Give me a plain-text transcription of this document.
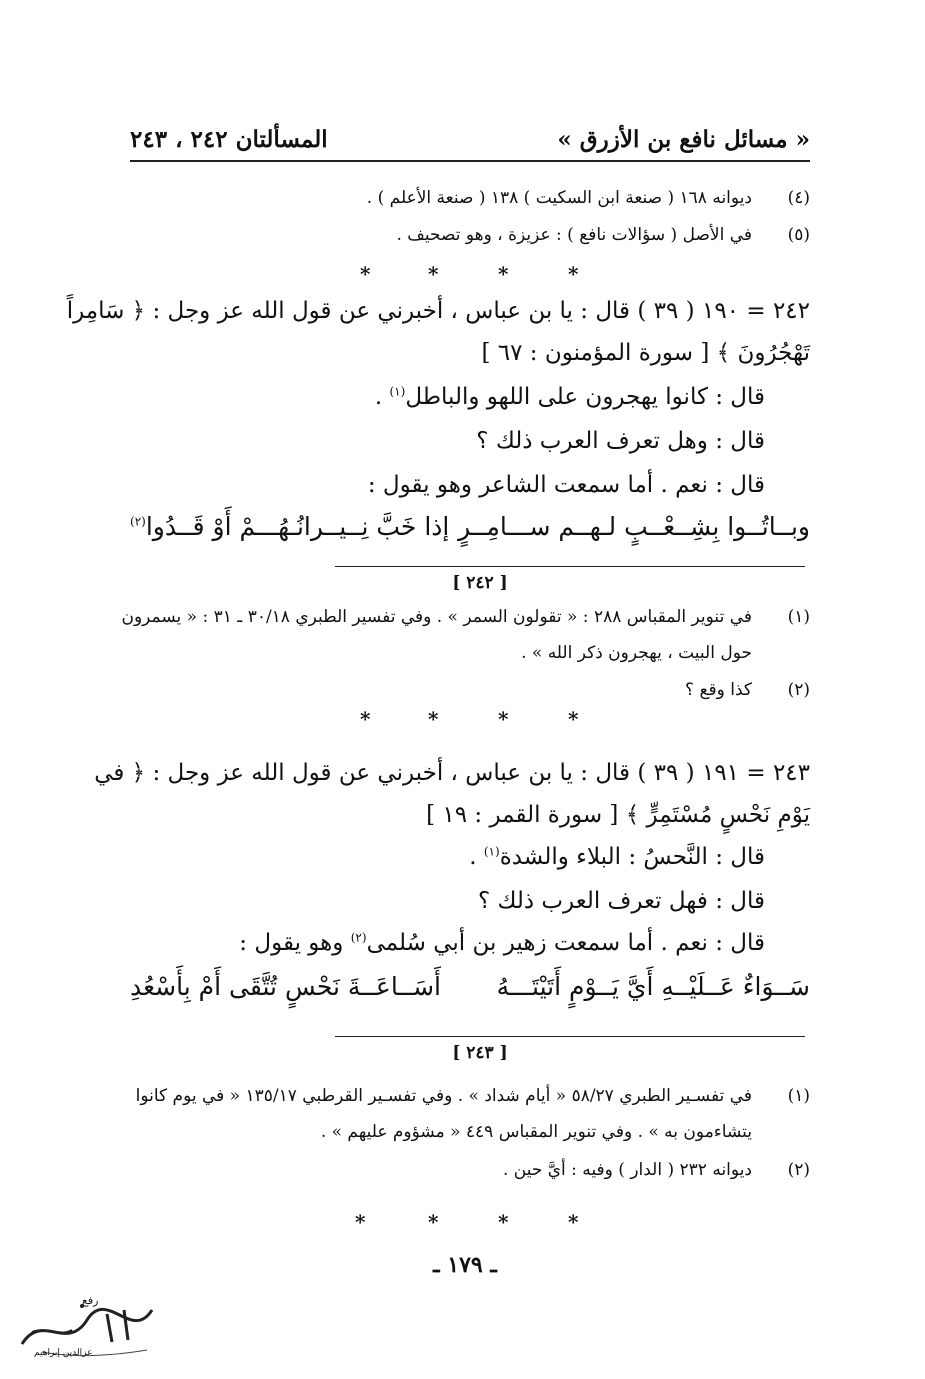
« مسائل نافع بن الأزرق »
المسألتان ٢٤٢ ، ٢٤٣
(٤)
ديوانه ١٦٨ ( صنعة ابن السكيت ) ١٣٨ ( صنعة الأعلم ) .
(٥)
في الأصل ( سؤالات نافع ) : عزيزة ، وهو تصحيف .
*	*	*	*
٢٤٢ = ١٩٠ ( ٣٩ ) قال : يا بن عباس ، أخبرني عن قول الله عز وجل : ﴿ سَامِراً
تَهْجُرُونَ ﴾ [ سورة المؤمنون : ٦٧ ]
قال : كانوا يهجرون على اللهو والباطل$^{(١)}$ .
قال : وهل تعرف العرب ذلك ؟
قال : نعم . أما سمعت الشاعر وهو يقول :
وبــاتُــوا بِشِــعْــبٍ لـهــم ســـامِــرٍ
إذا خَبَّ نِــيــرانُـهُـــمْ أَوْ قَــدُوا$^{(٢)}$
[ ٢٤٢ ]
(١)
في تنوير المقباس ٢٨٨ : « تقولون السمر » . وفي تفسير الطبري ٣٠/١٨ ـ ٣١ : « يسمرون
حول البيت ، يهجرون ذكر الله » .
(٢)
كذا وقع ؟
*	*	*	*
٢٤٣ = ١٩١ ( ٣٩ ) قال : يا بن عباس ، أخبرني عن قول الله عز وجل : ﴿ في
يَوْمِ نَحْسٍ مُسْتَمِرٍّ ﴾ [ سورة القمر : ١٩ ]
قال : النَّحسُ : البلاء والشدة$^{(١)}$ .
قال : فهل تعرف العرب ذلك ؟
قال : نعم . أما سمعت زهير بن أبي سُلمى$^{(٢)}$ وهو يقول :
سَــوَاءٌ عَــلَيْــهِ أَيَّ يَــوْمٍ أَتَيْتَـــهُ
أَسَــاعَــةَ نَحْسٍ تُتَّقَى أَمْ بِأَسْعُدِ
[ ٢٤٣ ]
(١)
في تفسـير الطبري ٥٨/٢٧ « أيام شداد » . وفي تفسـير القرطبي ١٣٥/١٧ « في يوم كانوا
يتشاءمون به » . وفي تنوير المقباس ٤٤٩ « مشؤوم عليهم » .
(٢)
ديوانه ٢٣٢ ( الدار ) وفيه : أيَّ حين .
*	*	*	*
ـ ١٧٩ ـ
رفع
عزالدين إبراهيم
